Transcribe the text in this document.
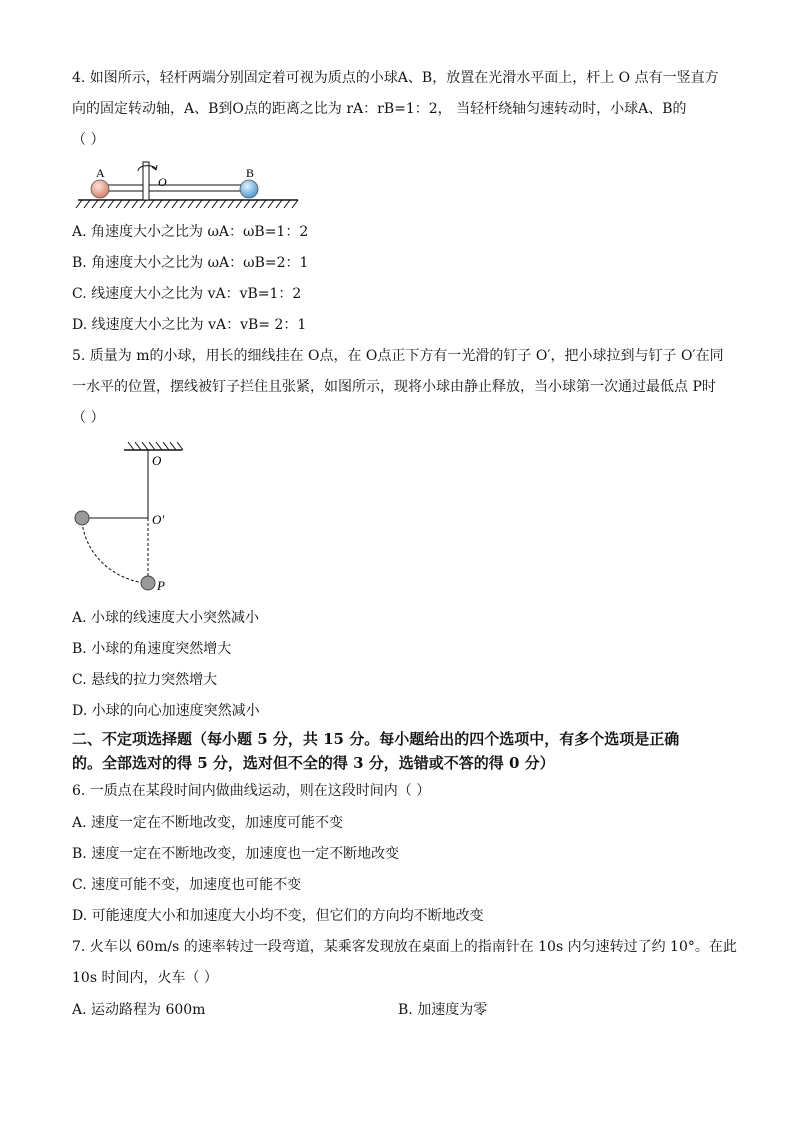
4. 如图所示，轻杆两端分别固定着可视为质点的小球A、B，放置在光滑水平面上，杆上 O 点有一竖直方
向的固定转动轴，A、B到O点的距离之比为 rA：rB=1：2， 当轻杆绕轴匀速转动时，小球A、B的
（ ）
A	B
O
A. 角速度大小之比为 ωA：ωB=1：2
B. 角速度大小之比为 ωA：ωB=2：1
C. 线速度大小之比为 vA：vB=1：2
D. 线速度大小之比为 vA：vB= 2：1
5. 质量为 m的小球，用长的细线挂在 O点，在 O点正下方有一光滑的钉子 O′，把小球拉到与钉子 O′在同
一水平的位置，摆线被钉子拦住且张紧，如图所示，现将小球由静止释放，当小球第一次通过最低点 P时
（ ）
O
O′
P
A. 小球的线速度大小突然减小
B. 小球的角速度突然增大
C. 悬线的拉力突然增大
D. 小球的向心加速度突然减小
二、不定项选择题（每小题 5 分，共 15 分。每小题给出的四个选项中，有多个选项是正确
的。全部选对的得 5 分，选对但不全的得 3 分，选错或不答的得 0 分）
6. 一质点在某段时间内做曲线运动，则在这段时间内（ ）
A. 速度一定在不断地改变，加速度可能不变
B. 速度一定在不断地改变，加速度也一定不断地改变
C. 速度可能不变，加速度也可能不变
D. 可能速度大小和加速度大小均不变，但它们的方向均不断地改变
7. 火车以 60m/s 的速率转过一段弯道，某乘客发现放在桌面上的指南针在 10s 内匀速转过了约 10°。在此
10s 时间内，火车（ ）
A. 运动路程为 600m	B. 加速度为零
